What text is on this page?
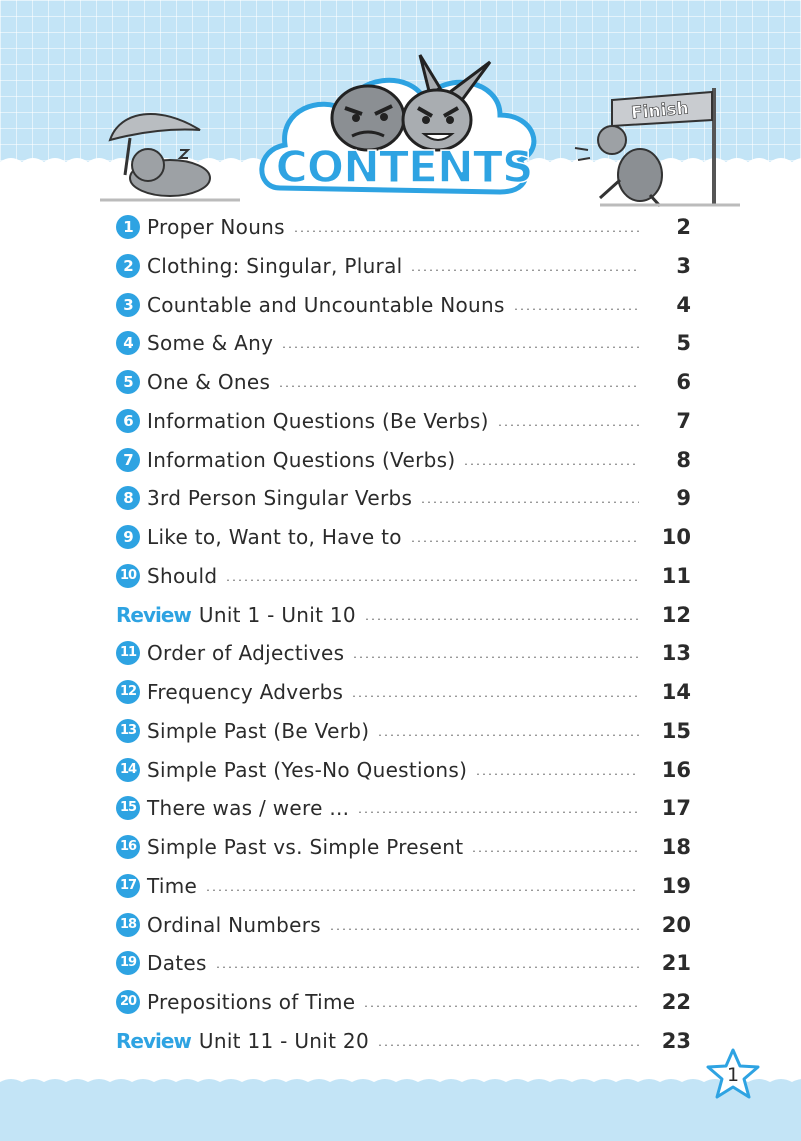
Finish
CONTENTS
1 Proper Nouns	2
2 Clothing: Singular, Plural	3
3 Countable and Uncountable Nouns	4
4 Some & Any	5
5 One & Ones	6
6 Information Questions (Be Verbs)	7
7 Information Questions (Verbs)	8
8 3rd Person Singular Verbs	9
9 Like to, Want to, Have to	10
10 Should	11
Review Unit 1 - Unit 10	12
11 Order of Adjectives	13
12 Frequency Adverbs	14
13 Simple Past (Be Verb)	15
14 Simple Past (Yes-No Questions)	16
15 There was / were ...	17
16 Simple Past vs. Simple Present	18
17 Time	19
18 Ordinal Numbers	20
19 Dates	21
20 Prepositions of Time	22
Review Unit 11 - Unit 20	23
1
